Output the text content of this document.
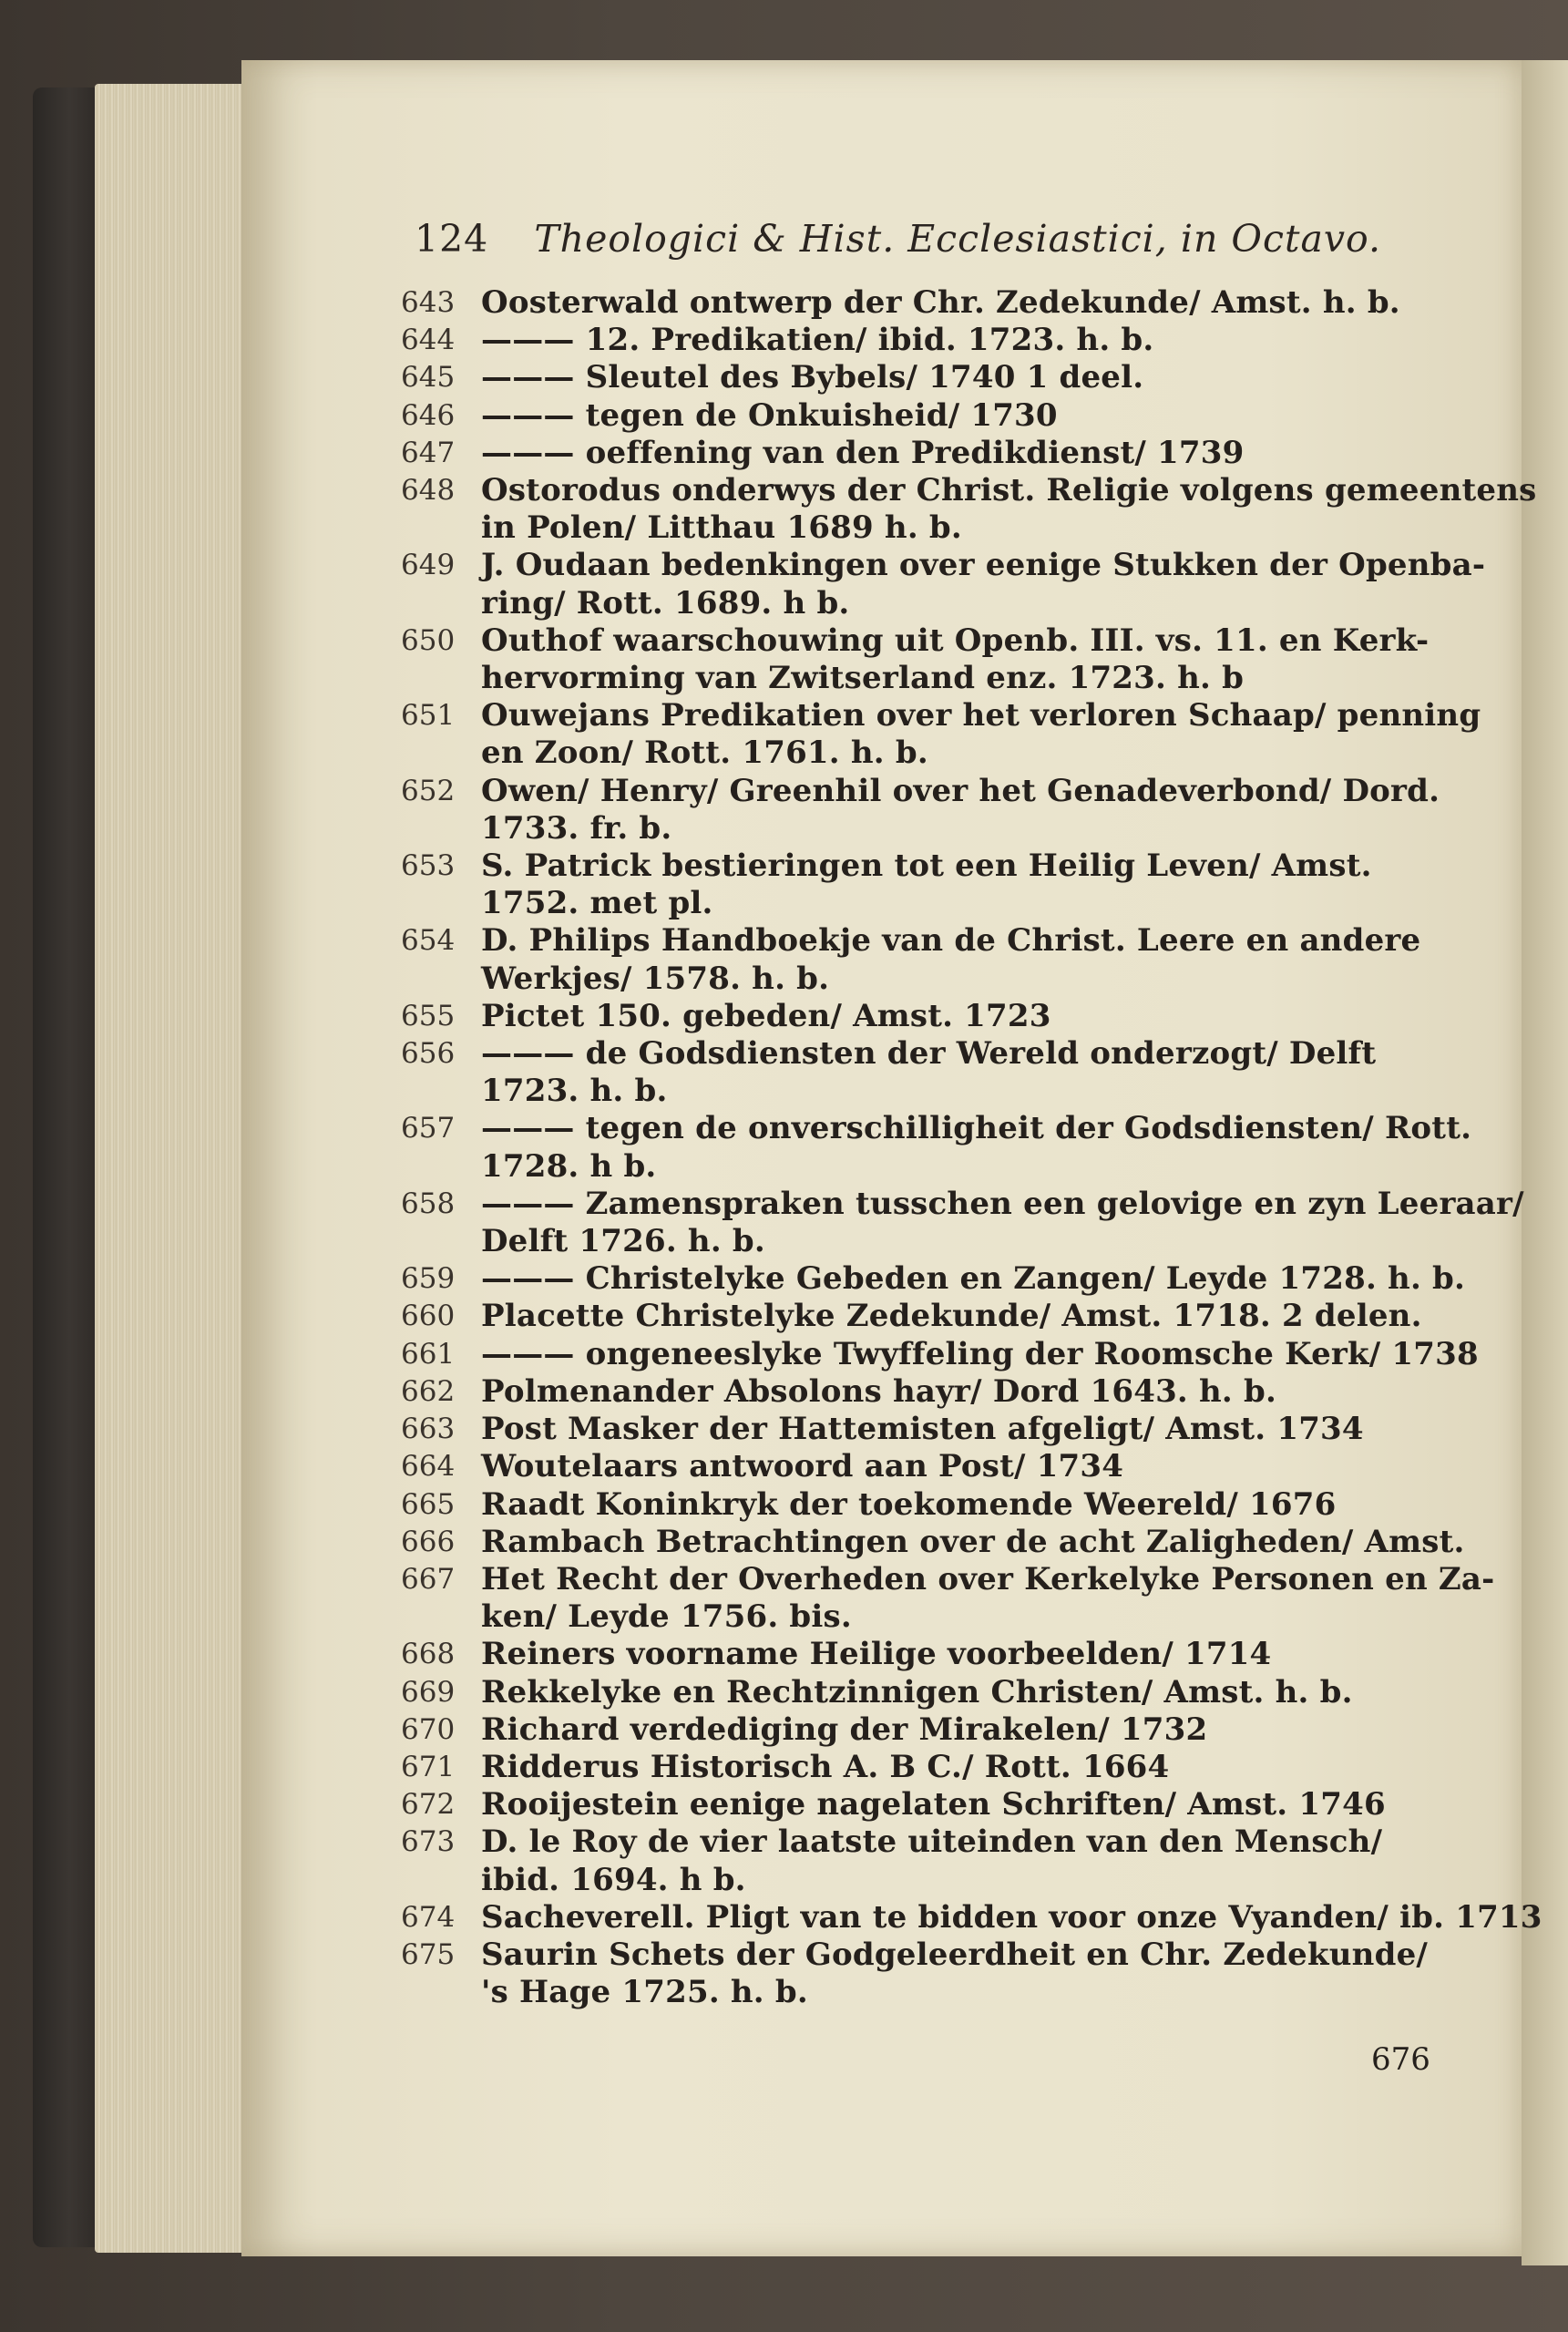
124 Theologici & Hist. Ecclesiastici, in Octavo.
643 Oosterwald ontwerp der Chr. Zedekunde/ Amst. h. b.
644 ——— 12. Predikatien/ ibid. 1723. h. b.
645 ——— Sleutel des Bybels/ 1740 1 deel.
646 ——— tegen de Onkuisheid/ 1730
647 ——— oeffening van den Predikdienst/ 1739
648 Ostorodus onderwys der Christ. Religie volgens gemeentens
in Polen/ Litthau 1689 h. b.
649 J. Oudaan bedenkingen over eenige Stukken der Openba-
ring/ Rott. 1689. h b.
650 Outhof waarschouwing uit Openb. III. vs. 11. en Kerk-
hervorming van Zwitserland enz. 1723. h. b
651 Ouwejans Predikatien over het verloren Schaap/ penning
en Zoon/ Rott. 1761. h. b.
652 Owen/ Henry/ Greenhil over het Genadeverbond/ Dord.
1733. fr. b.
653 S. Patrick bestieringen tot een Heilig Leven/ Amst.
1752. met pl.
654 D. Philips Handboekje van de Christ. Leere en andere
Werkjes/ 1578. h. b.
655 Pictet 150. gebeden/ Amst. 1723
656 ——— de Godsdiensten der Wereld onderzogt/ Delft
1723. h. b.
657 ——— tegen de onverschilligheit der Godsdiensten/ Rott.
1728. h b.
658 ——— Zamenspraken tusschen een gelovige en zyn Leeraar/
Delft 1726. h. b.
659 ——— Christelyke Gebeden en Zangen/ Leyde 1728. h. b.
660 Placette Christelyke Zedekunde/ Amst. 1718. 2 delen.
661 ——— ongeneeslyke Twyffeling der Roomsche Kerk/ 1738
662 Polmenander Absolons hayr/ Dord 1643. h. b.
663 Post Masker der Hattemisten afgeligt/ Amst. 1734
664 Woutelaars antwoord aan Post/ 1734
665 Raadt Koninkryk der toekomende Weereld/ 1676
666 Rambach Betrachtingen over de acht Zaligheden/ Amst.
667 Het Recht der Overheden over Kerkelyke Personen en Za-
ken/ Leyde 1756. bis.
668 Reiners voorname Heilige voorbeelden/ 1714
669 Rekkelyke en Rechtzinnigen Christen/ Amst. h. b.
670 Richard verdediging der Mirakelen/ 1732
671 Ridderus Historisch A. B C./ Rott. 1664
672 Rooijestein eenige nagelaten Schriften/ Amst. 1746
673 D. le Roy de vier laatste uiteinden van den Mensch/
ibid. 1694. h b.
674 Sacheverell. Pligt van te bidden voor onze Vyanden/ ib. 1713
675 Saurin Schets der Godgeleerdheit en Chr. Zedekunde/
's Hage 1725. h. b.
676
